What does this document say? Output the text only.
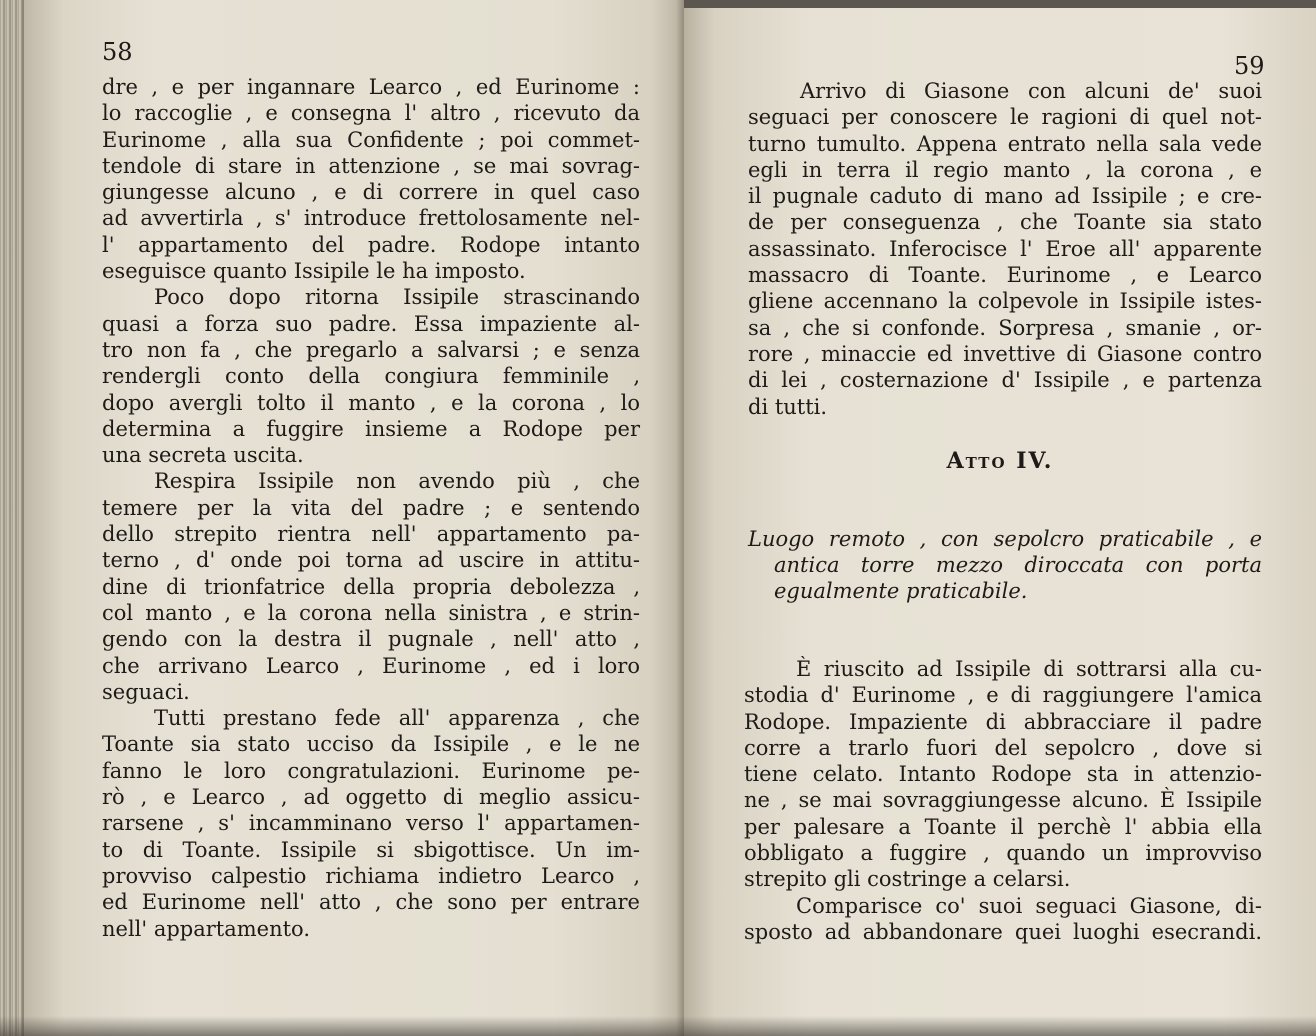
58
dre , e per ingannare Learco , ed Eurinome :
lo raccoglie , e consegna l' altro , ricevuto da
Eurinome , alla sua Confidente ; poi commet-
tendole di stare in attenzione , se mai sovrag-
giungesse alcuno , e di correre in quel caso
ad avvertirla , s' introduce frettolosamente nel-
l' appartamento del padre. Rodope intanto
eseguisce quanto Issipile le ha imposto.
Poco dopo ritorna Issipile strascinando
quasi a forza suo padre. Essa impaziente al-
tro non fa , che pregarlo a salvarsi ; e senza
rendergli conto della congiura femminile ,
dopo avergli tolto il manto , e la corona , lo
determina a fuggire insieme a Rodope per
una secreta uscita.
Respira Issipile non avendo più , che
temere per la vita del padre ; e sentendo
dello strepito rientra nell' appartamento pa-
terno , d' onde poi torna ad uscire in attitu-
dine di trionfatrice della propria debolezza ,
col manto , e la corona nella sinistra , e strin-
gendo con la destra il pugnale , nell' atto ,
che arrivano Learco , Eurinome , ed i loro
seguaci.
Tutti prestano fede all' apparenza , che
Toante sia stato ucciso da Issipile , e le ne
fanno le loro congratulazioni. Eurinome pe-
rò , e Learco , ad oggetto di meglio assicu-
rarsene , s' incamminano verso l' appartamen-
to di Toante. Issipile si sbigottisce. Un im-
provviso calpestio richiama indietro Learco ,
ed Eurinome nell' atto , che sono per entrare
nell' appartamento.
59
Arrivo di Giasone con alcuni de' suoi
seguaci per conoscere le ragioni di quel not-
turno tumulto. Appena entrato nella sala vede
egli in terra il regio manto , la corona , e
il pugnale caduto di mano ad Issipile ; e cre-
de per conseguenza , che Toante sia stato
assassinato. Inferocisce l' Eroe all' apparente
massacro di Toante. Eurinome , e Learco
gliene accennano la colpevole in Issipile istes-
sa , che si confonde. Sorpresa , smanie , or-
rore , minaccie ed invettive di Giasone contro
di lei , costernazione d' Issipile , e partenza
di tutti.
Atto IV.
Luogo remoto , con sepolcro praticabile , e
antica torre mezzo diroccata con porta
egualmente praticabile.
È riuscito ad Issipile di sottrarsi alla cu-
stodia d' Eurinome , e di raggiungere l'amica
Rodope. Impaziente di abbracciare il padre
corre a trarlo fuori del sepolcro , dove si
tiene celato. Intanto Rodope sta in attenzio-
ne , se mai sovraggiungesse alcuno. È Issipile
per palesare a Toante il perchè l' abbia ella
obbligato a fuggire , quando un improvviso
strepito gli costringe a celarsi.
Comparisce co' suoi seguaci Giasone, di-
sposto ad abbandonare quei luoghi esecrandi.
